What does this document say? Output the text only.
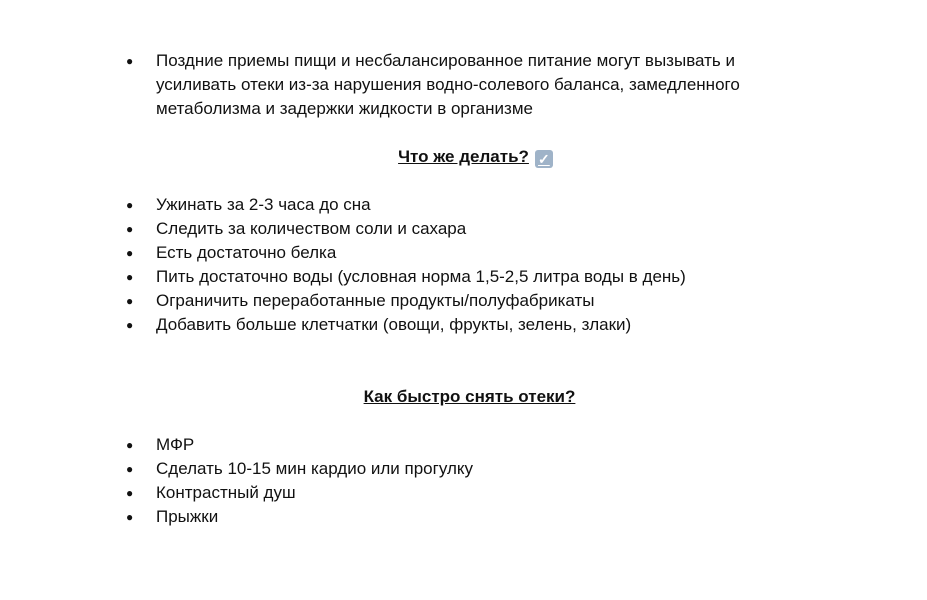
● Поздние приемы пищи и несбалансированное питание могут вызывать и
усиливать отеки из-за нарушения водно-солевого баланса, замедленного
метаболизма и задержки жидкости в организме
Что же делать? ✓
● Ужинать за 2-3 часа до сна
● Следить за количеством соли и сахара
● Есть достаточно белка
● Пить достаточно воды (условная норма 1,5-2,5 литра воды в день)
● Ограничить переработанные продукты/полуфабрикаты
● Добавить больше клетчатки (овощи, фрукты, зелень, злаки)
Как быстро снять отеки?
● МФР
● Сделать 10-15 мин кардио или прогулку
● Контрастный душ
● Прыжки
